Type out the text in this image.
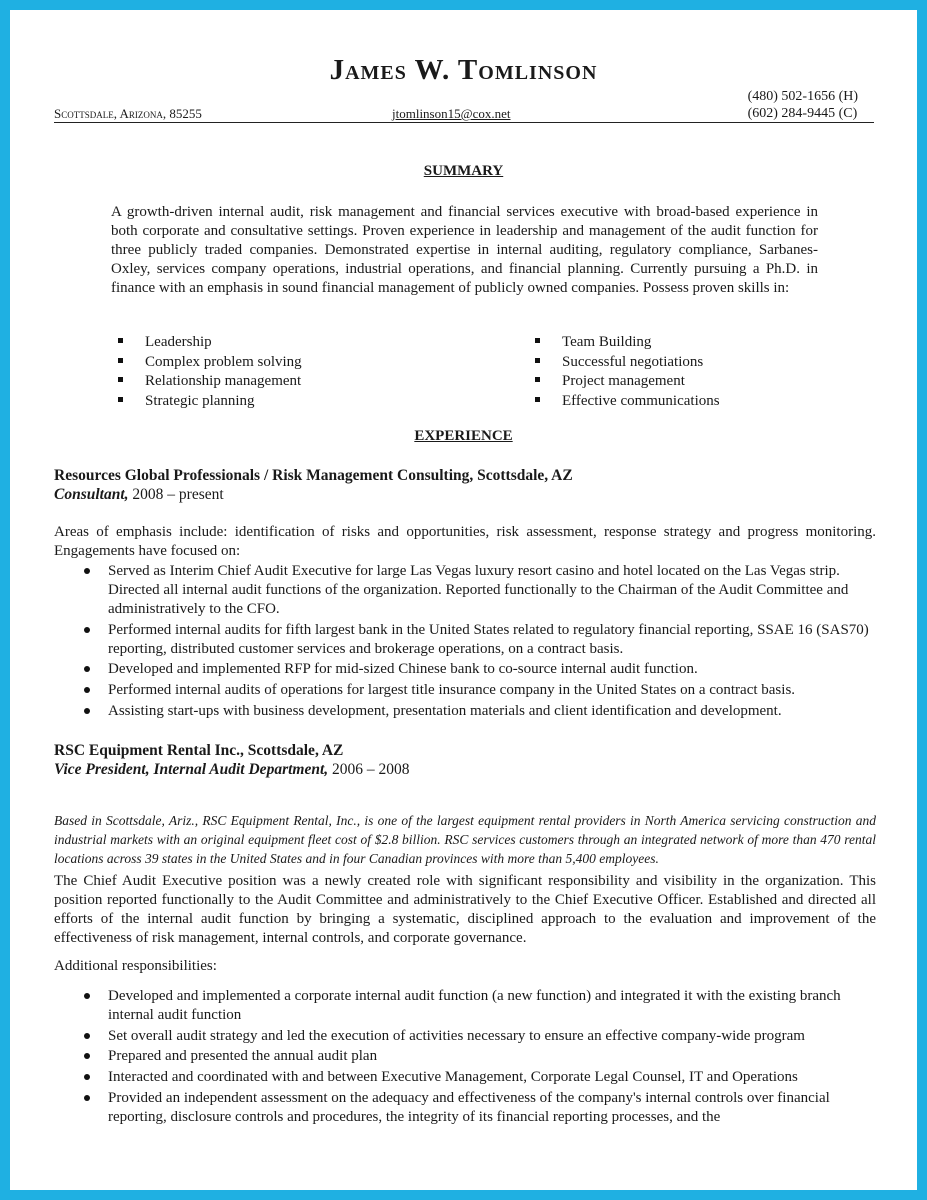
James W. Tomlinson
Scottsdale, Arizona, 85255	jtomlinson15@cox.net
(480) 502-1656 (H)
(602) 284-9445 (C)
SUMMARY

A growth-driven internal audit, risk management and financial services executive with broad-based experience in both corporate and consultative settings. Proven experience in leadership and management of the audit function for three publicly traded companies. Demonstrated expertise in internal auditing, regulatory compliance, Sarbanes-Oxley, services company operations, industrial operations, and financial planning. Currently pursuing a Ph.D. in finance with an emphasis in sound financial management of publicly owned companies. Possess proven skills in:

Leadership
Complex problem solving
Relationship management
Strategic planning
Team Building
Successful negotiations
Project management
Effective communications
EXPERIENCE
Resources Global Professionals / Risk Management Consulting, Scottsdale, AZ
Consultant, 2008 – present

Areas of emphasis include: identification of risks and opportunities, risk assessment, response strategy and progress monitoring. Engagements have focused on:

Served as Interim Chief Audit Executive for large Las Vegas luxury resort casino and hotel located on the Las Vegas strip. Directed all internal audit functions of the organization. Reported functionally to the Chairman of the Audit Committee and administratively to the CFO.
Performed internal audits for fifth largest bank in the United States related to regulatory financial reporting, SSAE 16 (SAS70) reporting, distributed customer services and brokerage operations, on a contract basis.
Developed and implemented RFP for mid-sized Chinese bank to co-source internal audit function.
Performed internal audits of operations for largest title insurance company in the United States on a contract basis.
Assisting start-ups with business development, presentation materials and client identification and development.
RSC Equipment Rental Inc., Scottsdale, AZ
Vice President, Internal Audit Department, 2006 – 2008

Based in Scottsdale, Ariz., RSC Equipment Rental, Inc., is one of the largest equipment rental providers in North America servicing construction and industrial markets with an original equipment fleet cost of $2.8 billion. RSC services customers through an integrated network of more than 470 rental locations across 39 states in the United States and in four Canadian provinces with more than 5,400 employees.

The Chief Audit Executive position was a newly created role with significant responsibility and visibility in the organization. This position reported functionally to the Audit Committee and administratively to the Chief Executive Officer. Established and directed all efforts of the internal audit function by bringing a systematic, disciplined approach to the evaluation and improvement of the effectiveness of risk management, internal controls, and corporate governance.

Additional responsibilities:
Developed and implemented a corporate internal audit function (a new function) and integrated it with the existing branch internal audit function
Set overall audit strategy and led the execution of activities necessary to ensure an effective company-wide program
Prepared and presented the annual audit plan
Interacted and coordinated with and between Executive Management, Corporate Legal Counsel, IT and Operations
Provided an independent assessment on the adequacy and effectiveness of the company's internal controls over financial reporting, disclosure controls and procedures, the integrity of its financial reporting processes, and the
